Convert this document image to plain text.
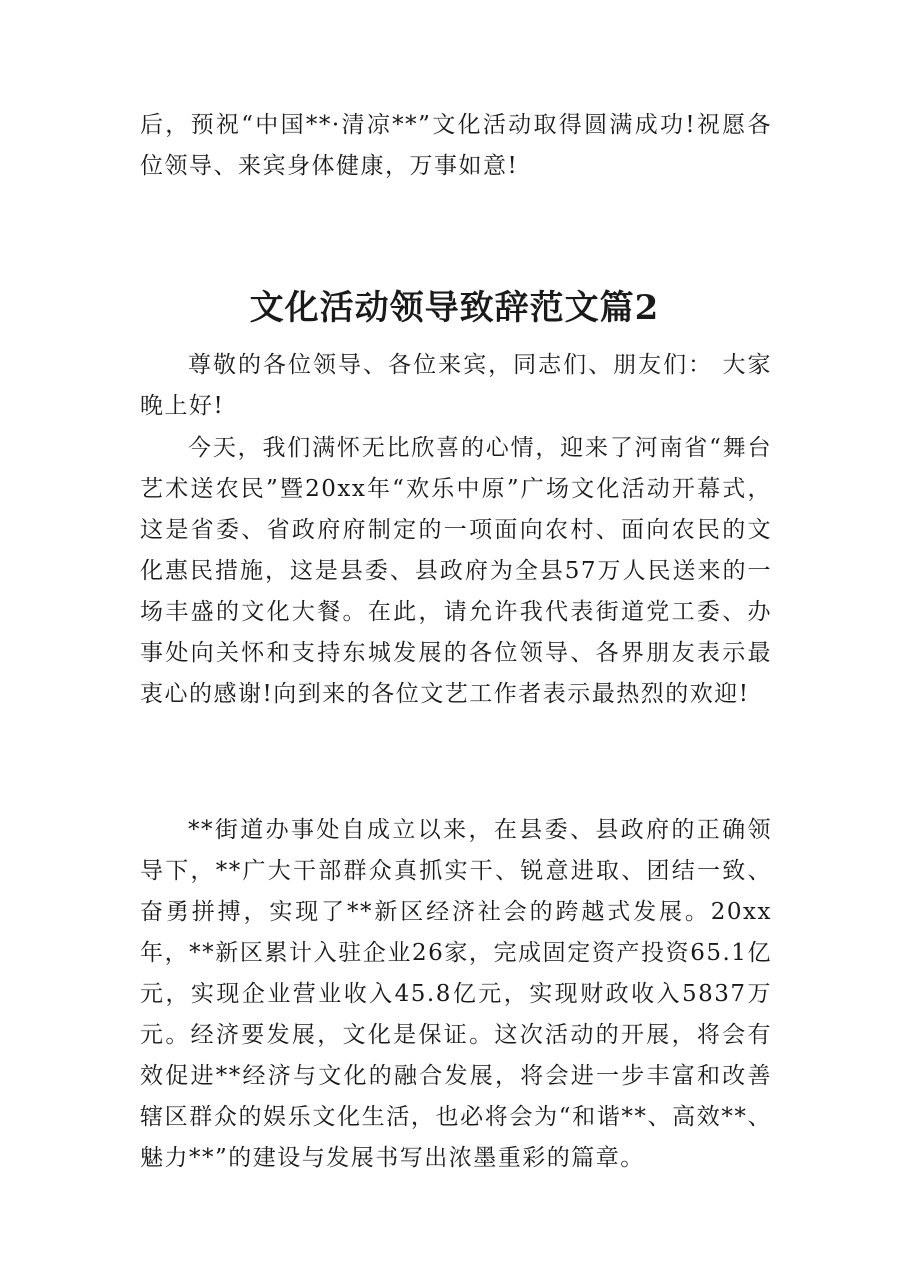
后，预祝“中国**·清凉**”文化活动取得圆满成功!祝愿各位领导、来宾身体健康，万事如意!

文化活动领导致辞范文篇2

尊敬的各位领导、各位来宾，同志们、朋友们： 大家晚上好!

今天，我们满怀无比欣喜的心情，迎来了河南省“舞台艺术送农民”暨20xx年“欢乐中原”广场文化活动开幕式，这是省委、省政府府制定的一项面向农村、面向农民的文化惠民措施，这是县委、县政府为全县57万人民送来的一场丰盛的文化大餐。在此，请允许我代表街道党工委、办事处向关怀和支持东城发展的各位领导、各界朋友表示最衷心的感谢!向到来的各位文艺工作者表示最热烈的欢迎!

**街道办事处自成立以来，在县委、县政府的正确领导下，**广大干部群众真抓实干、锐意进取、团结一致、奋勇拼搏，实现了**新区经济社会的跨越式发展。20xx年，**新区累计入驻企业26家，完成固定资产投资65.1亿元，实现企业营业收入45.8亿元，实现财政收入5837万元。经济要发展，文化是保证。这次活动的开展，将会有效促进**经济与文化的融合发展，将会进一步丰富和改善辖区群众的娱乐文化生活，也必将会为“和谐**、高效**、魅力**”的建设与发展书写出浓墨重彩的篇章。
